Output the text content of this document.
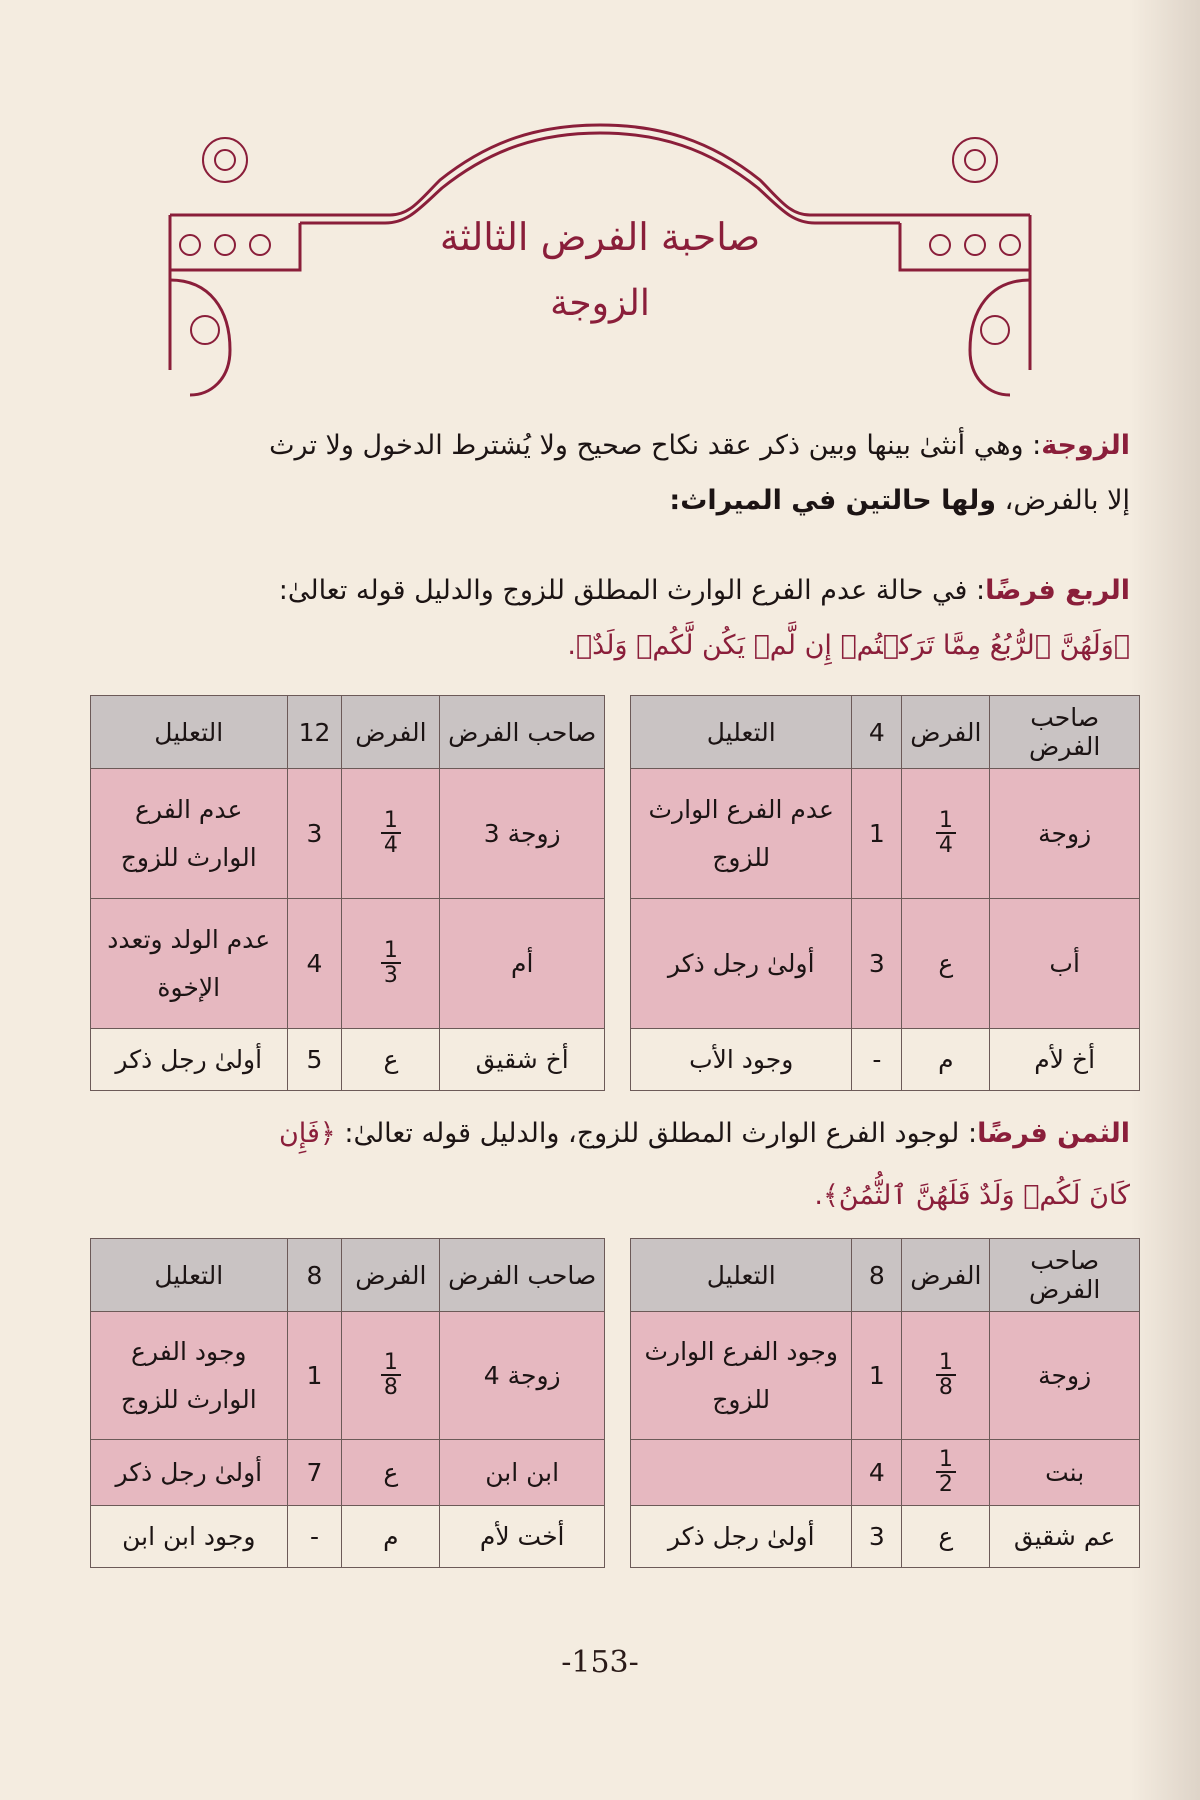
صاحبة الفرض الثالثة
الزوجة
الزوجة: وهي أنثىٰ بينها وبين ذكر عقد نكاح صحيح ولا يُشترط الدخول ولا ترث
إلا بالفرض، ولها حالتين في الميراث:
الربع فرضًا: في حالة عدم الفرع الوارث المطلق للزوج والدليل قوله تعالىٰ:
﴿وَلَهُنَّ ٱلرُّبُعُ مِمَّا تَرَكۡتُمۡ إِن لَّمۡ يَكُن لَّكُمۡ وَلَدٌ﴾.
صاحب الفرض	الفرض	4	التعليل
زوجة	$\frac{1}{4}$	1	عدم الفرع الوارث للزوج
أب	ع	3	أولىٰ رجل ذكر
أخ لأم	م	-	وجود الأب
صاحب الفرض	الفرض	12	التعليل
زوجة 3	$\frac{1}{4}$	3	عدم الفرع الوارث للزوج
أم	$\frac{1}{3}$	4	عدم الولد وتعدد الإخوة
أخ شقيق	ع	5	أولىٰ رجل ذكر
الثمن فرضًا: لوجود الفرع الوارث المطلق للزوج، والدليل قوله تعالىٰ: ﴿فَإِن
كَانَ لَكُمۡ وَلَدٌ فَلَهُنَّ ٱلثُّمُنُ﴾.
صاحب الفرض	الفرض	8	التعليل
زوجة	$\frac{1}{8}$	1	وجود الفرع الوارث للزوج
بنت	$\frac{1}{2}$	4	
عم شقيق	ع	3	أولىٰ رجل ذكر
صاحب الفرض	الفرض	8	التعليل
زوجة 4	$\frac{1}{8}$	1	وجود الفرع الوارث للزوج
ابن ابن	ع	7	أولىٰ رجل ذكر
أخت لأم	م	-	وجود ابن ابن
-153-
